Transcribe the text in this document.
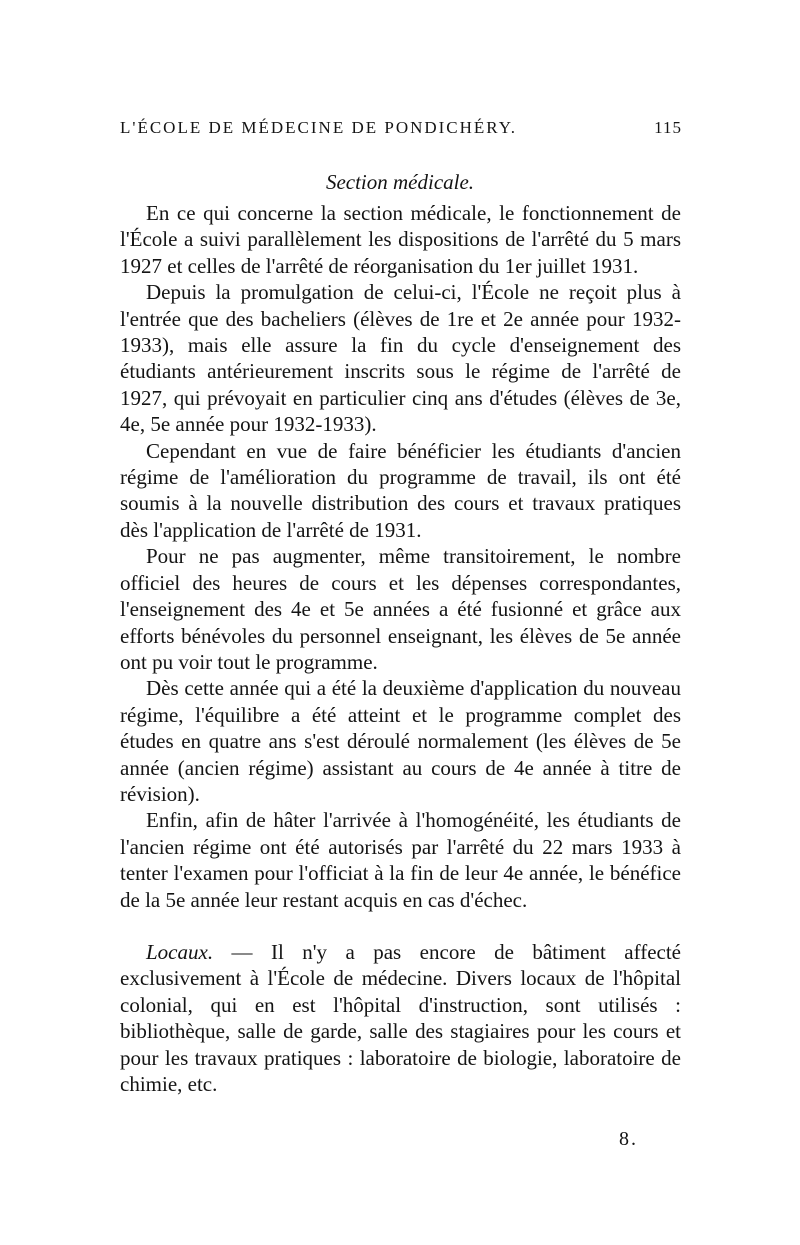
L'ÉCOLE DE MÉDECINE DE PONDICHÉRY.	115
Section médicale.

En ce qui concerne la section médicale, le fonctionnement de l'École a suivi parallèlement les dispositions de l'arrêté du 5 mars 1927 et celles de l'arrêté de réorganisation du 1er juillet 1931.

Depuis la promulgation de celui-ci, l'École ne reçoit plus à l'entrée que des bacheliers (élèves de 1re et 2e année pour 1932-1933), mais elle assure la fin du cycle d'enseignement des étudiants antérieurement inscrits sous le régime de l'arrêté de 1927, qui prévoyait en particulier cinq ans d'études (élèves de 3e, 4e, 5e année pour 1932-1933).

Cependant en vue de faire bénéficier les étudiants d'ancien régime de l'amélioration du programme de travail, ils ont été soumis à la nouvelle distribution des cours et travaux pratiques dès l'application de l'arrêté de 1931.

Pour ne pas augmenter, même transitoirement, le nombre officiel des heures de cours et les dépenses correspondantes, l'enseignement des 4e et 5e années a été fusionné et grâce aux efforts bénévoles du personnel enseignant, les élèves de 5e année ont pu voir tout le programme.

Dès cette année qui a été la deuxième d'application du nouveau régime, l'équilibre a été atteint et le programme complet des études en quatre ans s'est déroulé normalement (les élèves de 5e année (ancien régime) assistant au cours de 4e année à titre de révision).

Enfin, afin de hâter l'arrivée à l'homogénéité, les étudiants de l'ancien régime ont été autorisés par l'arrêté du 22 mars 1933 à tenter l'examen pour l'officiat à la fin de leur 4e année, le bénéfice de la 5e année leur restant acquis en cas d'échec.

Locaux. — Il n'y a pas encore de bâtiment affecté exclusivement à l'École de médecine. Divers locaux de l'hôpital colonial, qui en est l'hôpital d'instruction, sont utilisés : bibliothèque, salle de garde, salle des stagiaires pour les cours et pour les travaux pratiques : laboratoire de biologie, laboratoire de chimie, etc.

8.
